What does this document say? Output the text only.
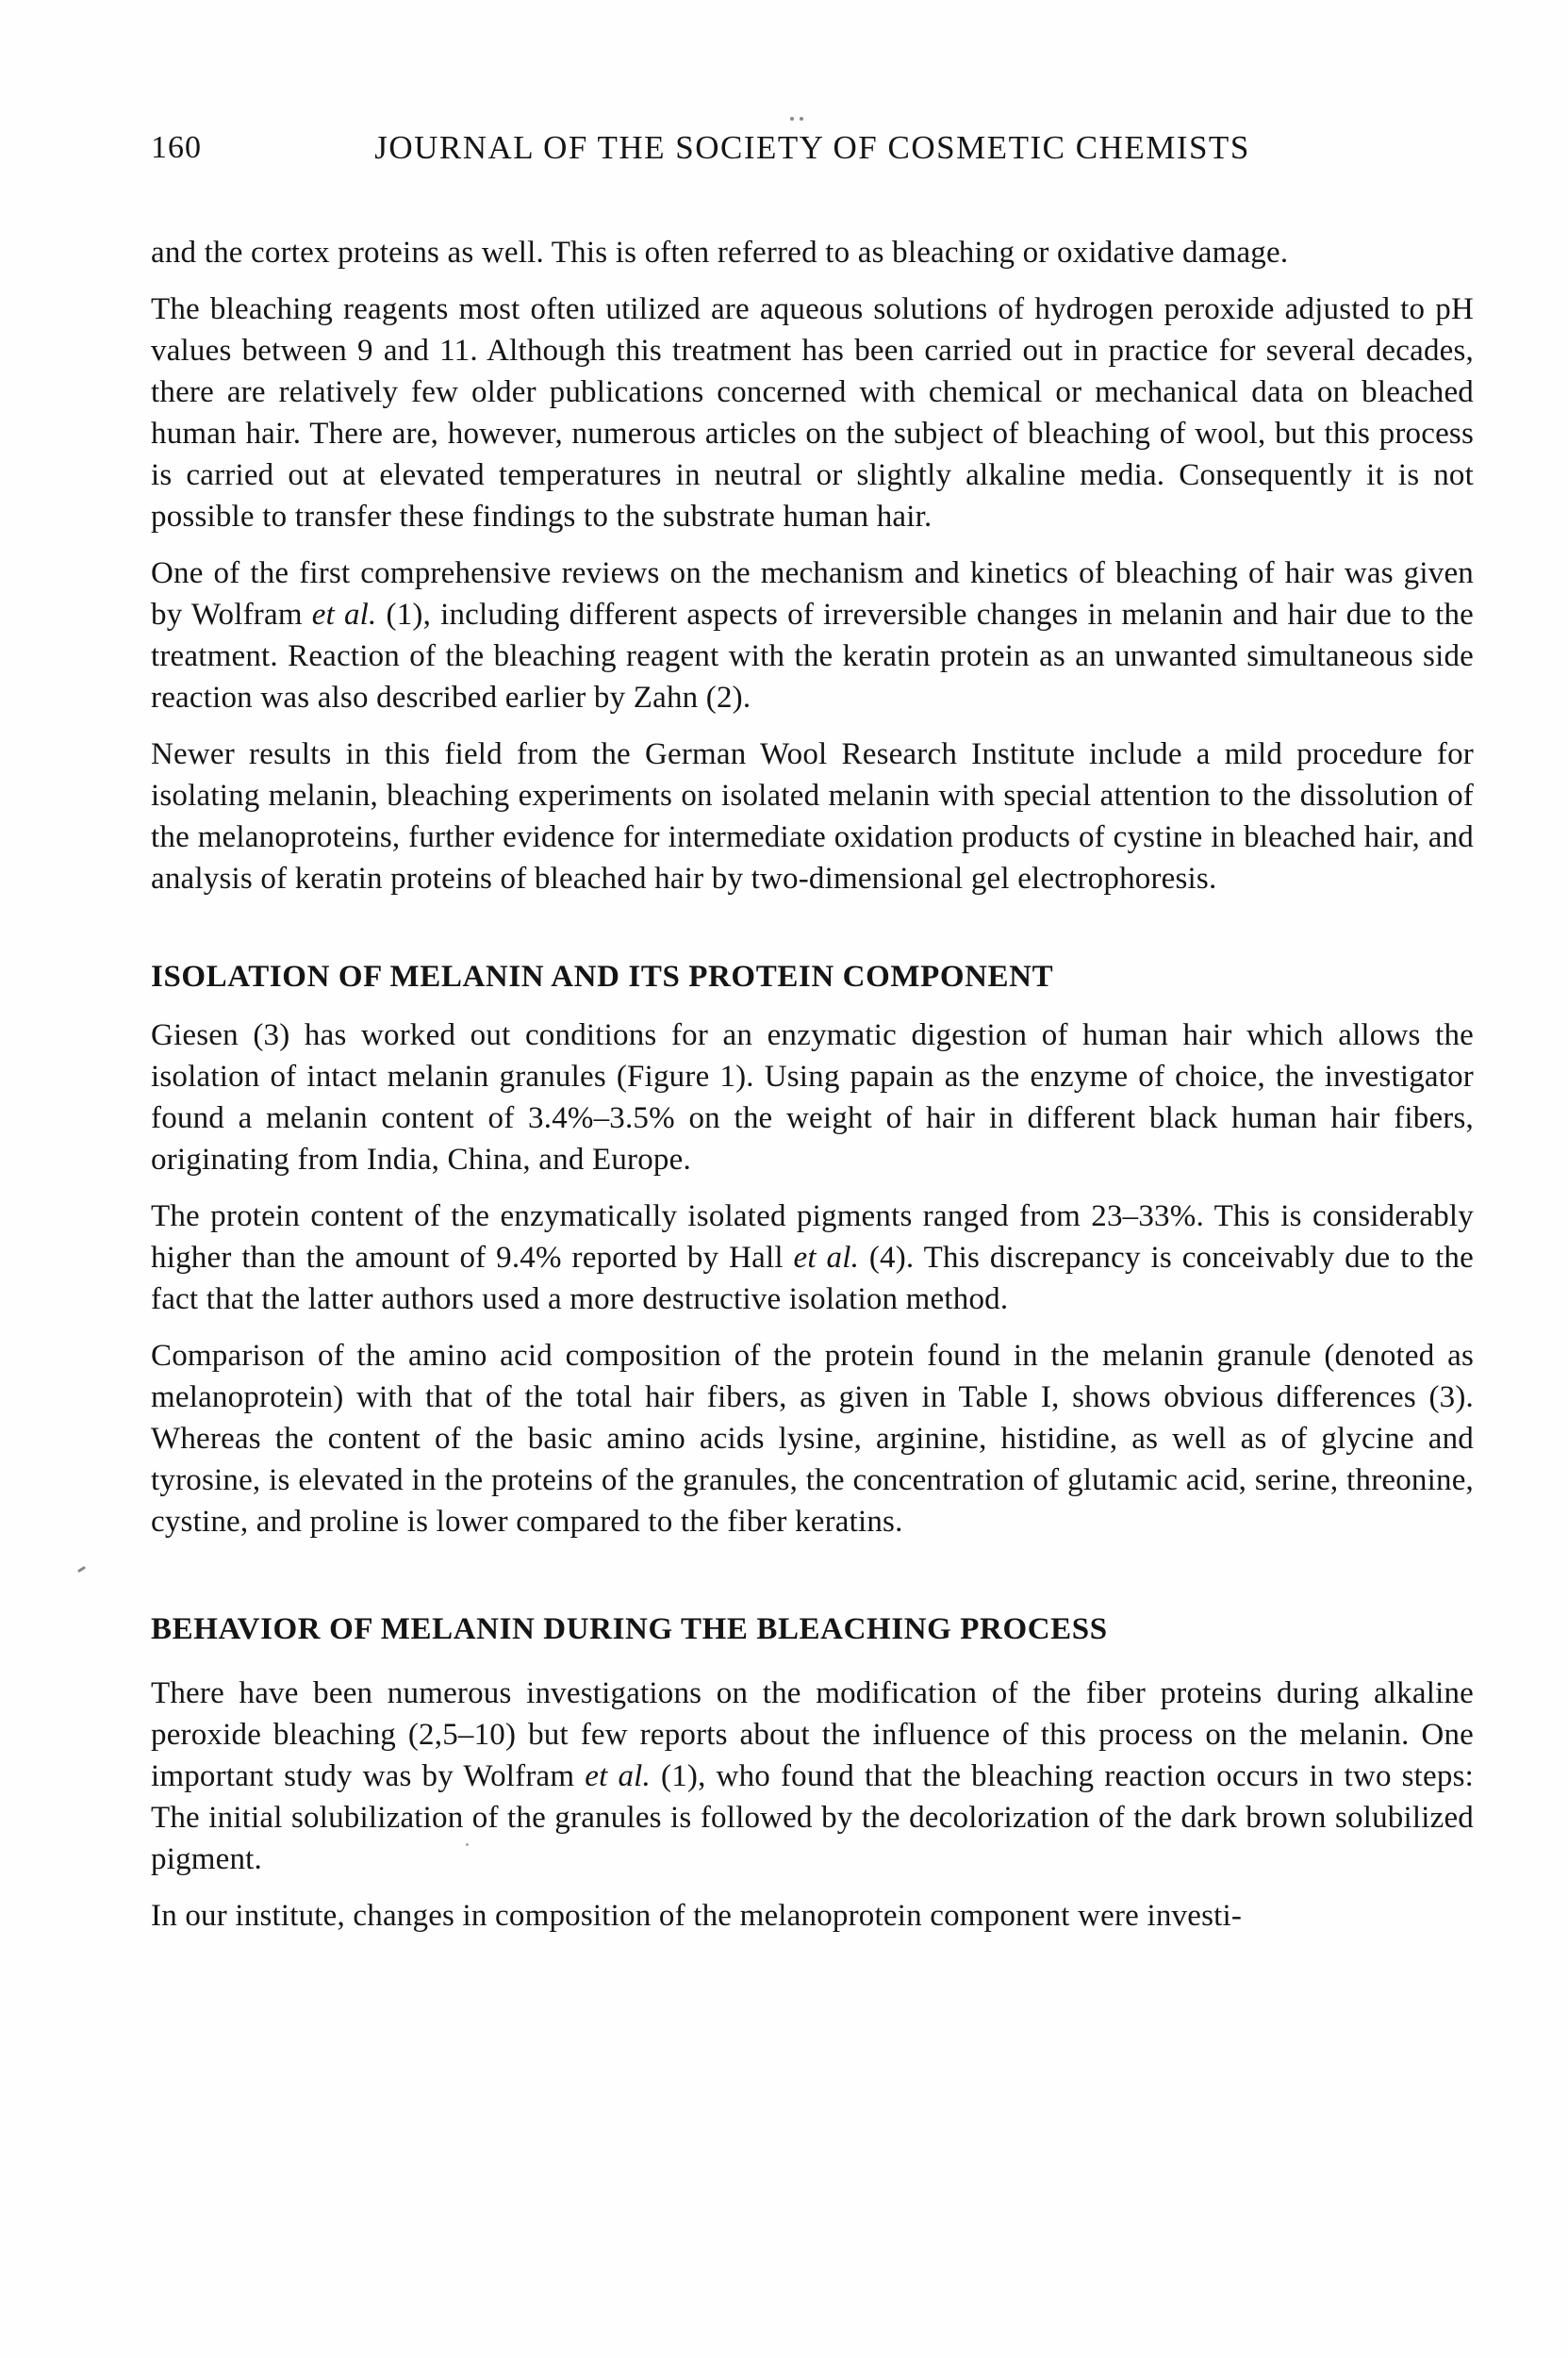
160	JOURNAL OF THE SOCIETY OF COSMETIC CHEMISTS

and the cortex proteins as well. This is often referred to as bleaching or oxidative damage.

The bleaching reagents most often utilized are aqueous solutions of hydrogen peroxide adjusted to pH values between 9 and 11. Although this treatment has been carried out in practice for several decades, there are relatively few older publications concerned with chemical or mechanical data on bleached human hair. There are, however, numerous articles on the subject of bleaching of wool, but this process is carried out at elevated temperatures in neutral or slightly alkaline media. Consequently it is not possible to transfer these findings to the substrate human hair.

One of the first comprehensive reviews on the mechanism and kinetics of bleaching of hair was given by Wolfram et al. (1), including different aspects of irreversible changes in melanin and hair due to the treatment. Reaction of the bleaching reagent with the keratin protein as an unwanted simultaneous side reaction was also described earlier by Zahn (2).

Newer results in this field from the German Wool Research Institute include a mild procedure for isolating melanin, bleaching experiments on isolated melanin with special attention to the dissolution of the melanoproteins, further evidence for intermediate oxidation products of cystine in bleached hair, and analysis of keratin proteins of bleached hair by two-dimensional gel electrophoresis.

ISOLATION OF MELANIN AND ITS PROTEIN COMPONENT

Giesen (3) has worked out conditions for an enzymatic digestion of human hair which allows the isolation of intact melanin granules (Figure 1). Using papain as the enzyme of choice, the investigator found a melanin content of 3.4%–3.5% on the weight of hair in different black human hair fibers, originating from India, China, and Europe.

The protein content of the enzymatically isolated pigments ranged from 23–33%. This is considerably higher than the amount of 9.4% reported by Hall et al. (4). This discrepancy is conceivably due to the fact that the latter authors used a more destructive isolation method.

Comparison of the amino acid composition of the protein found in the melanin granule (denoted as melanoprotein) with that of the total hair fibers, as given in Table I, shows obvious differences (3). Whereas the content of the basic amino acids lysine, arginine, histidine, as well as of glycine and tyrosine, is elevated in the proteins of the granules, the concentration of glutamic acid, serine, threonine, cystine, and proline is lower compared to the fiber keratins.

BEHAVIOR OF MELANIN DURING THE BLEACHING PROCESS

There have been numerous investigations on the modification of the fiber proteins during alkaline peroxide bleaching (2,5–10) but few reports about the influence of this process on the melanin. One important study was by Wolfram et al. (1), who found that the bleaching reaction occurs in two steps: The initial solubilization of the granules is followed by the decolorization of the dark brown solubilized pigment.

In our institute, changes in composition of the melanoprotein component were investi-
